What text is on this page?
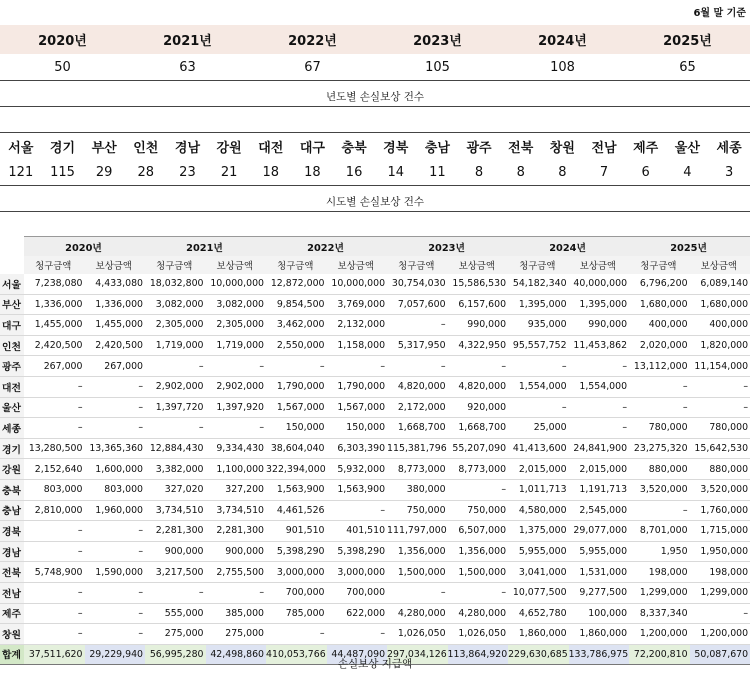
6월 말 기준
2020년	2021년	2022년	2023년	2024년	2025년
50	63	67	105	108	65
년도별 손실보상 건수
서울	경기	부산	인천	경남	강원	대전	대구	충북	경북	충남	광주	전북	창원	전남	제주	울산	세종
121	115	29	28	23	21	18	18	16	14	11	8	8	8	7	6	4	3
시도별 손실보상 건수
	2020년		2021년		2022년		2023년		2024년		2025년	
	청구금액	보상금액	청구금액	보상금액	청구금액	보상금액	청구금액	보상금액	청구금액	보상금액	청구금액	보상금액
서울	7,238,080	4,433,080	18,032,800	10,000,000	12,872,000	10,000,000	30,754,030	15,586,530	54,182,340	40,000,000	6,796,200	6,089,140
부산	1,336,000	1,336,000	3,082,000	3,082,000	9,854,500	3,769,000	7,057,600	6,157,600	1,395,000	1,395,000	1,680,000	1,680,000
대구	1,455,000	1,455,000	2,305,000	2,305,000	3,462,000	2,132,000	–	990,000	935,000	990,000	400,000	400,000
인천	2,420,500	2,420,500	1,719,000	1,719,000	2,550,000	1,158,000	5,317,950	4,322,950	95,557,752	11,453,862	2,020,000	1,820,000
광주	267,000	267,000	–	–	–	–	–	–	–	–	13,112,000	11,154,000
대전	–	–	2,902,000	2,902,000	1,790,000	1,790,000	4,820,000	4,820,000	1,554,000	1,554,000	–	–
울산	–	–	1,397,720	1,397,920	1,567,000	1,567,000	2,172,000	920,000	–	–	–	–
세종	–	–	–	–	150,000	150,000	1,668,700	1,668,700	25,000	–	780,000	780,000
경기	13,280,500	13,365,360	12,884,430	9,334,430	38,604,040	6,303,390	115,381,796	55,207,090	41,413,600	24,841,900	23,275,320	15,642,530
강원	2,152,640	1,600,000	3,382,000	1,100,000	322,394,000	5,932,000	8,773,000	8,773,000	2,015,000	2,015,000	880,000	880,000
충북	803,000	803,000	327,020	327,200	1,563,900	1,563,900	380,000	–	1,011,713	1,191,713	3,520,000	3,520,000
충남	2,810,000	1,960,000	3,734,510	3,734,510	4,461,526	–	750,000	750,000	4,580,000	2,545,000	–	1,760,000
경북	–	–	2,281,300	2,281,300	901,510	401,510	111,797,000	6,507,000	1,375,000	29,077,000	8,701,000	1,715,000
경남	–	–	900,000	900,000	5,398,290	5,398,290	1,356,000	1,356,000	5,955,000	5,955,000	1,950	1,950,000
전북	5,748,900	1,590,000	3,217,500	2,755,500	3,000,000	3,000,000	1,500,000	1,500,000	3,041,000	1,531,000	198,000	198,000
전남	–	–	–	–	700,000	700,000	–	–	10,077,500	9,277,500	1,299,000	1,299,000
제주	–	–	555,000	385,000	785,000	622,000	4,280,000	4,280,000	4,652,780	100,000	8,337,340	–
창원	–	–	275,000	275,000	–	–	1,026,050	1,026,050	1,860,000	1,860,000	1,200,000	1,200,000
합계	37,511,620	29,229,940	56,995,280	42,498,860	410,053,766	44,487,090	297,034,126	113,864,920	229,630,685	133,786,975	72,200,810	50,087,670
손실보상 지급액
